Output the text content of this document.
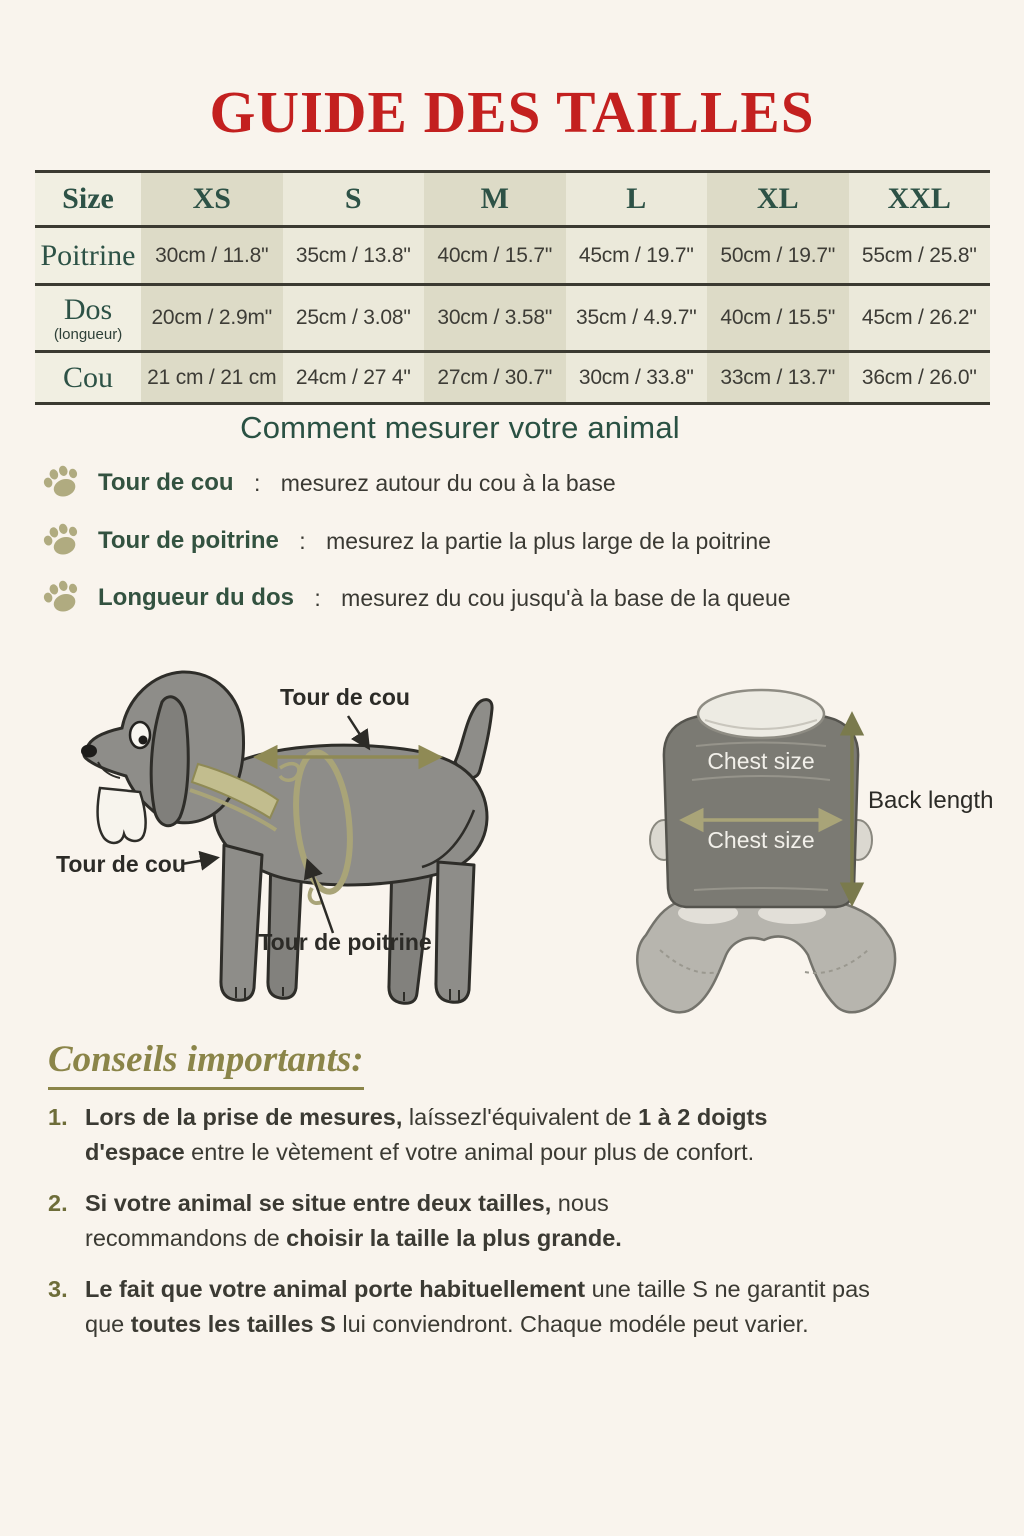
GUIDE DES TAILLES
Size	XS	S	M	L	XL	XXL
Poitrine	30cm / 11.8"	35cm / 13.8"	40cm / 15.7"	45cm / 19.7"	50cm / 19.7"	55cm / 25.8"
Dos
(longueur)	20cm / 2.9m"	25cm / 3.08"	30cm / 3.58"	35cm / 4.9.7"	40cm / 15.5"	45cm / 26.2"
Cou	21 cm / 21 cm	24cm / 27 4"	27cm / 30.7"	30cm / 33.8"	33cm / 13.7"	36cm / 26.0"
Comment mesurer votre animal
Tour de cou : mesurez autour du cou à la base
Tour de poitrine : mesurez la partie la plus large de la poitrine
Longueur du dos : mesurez du cou jusqu'à la base de la queue
Tour de cou
Tour de cou
Tour de poitrine
Chest size
Chest size
Back length
Conseils importants:
1. Lors de la prise de mesures, laíssezl'équivalent de 1 à 2 doigts
d'espace entre le vètement ef votre animal pour plus de confort.
2. Si votre animal se situe entre deux tailles, nous
recommandons de choisir la taille la plus grande.
3. Le fait que votre animal porte habituellement une taille S ne garantit pas
que toutes les tailles S lui conviendront. Chaque modéle peut varier.
